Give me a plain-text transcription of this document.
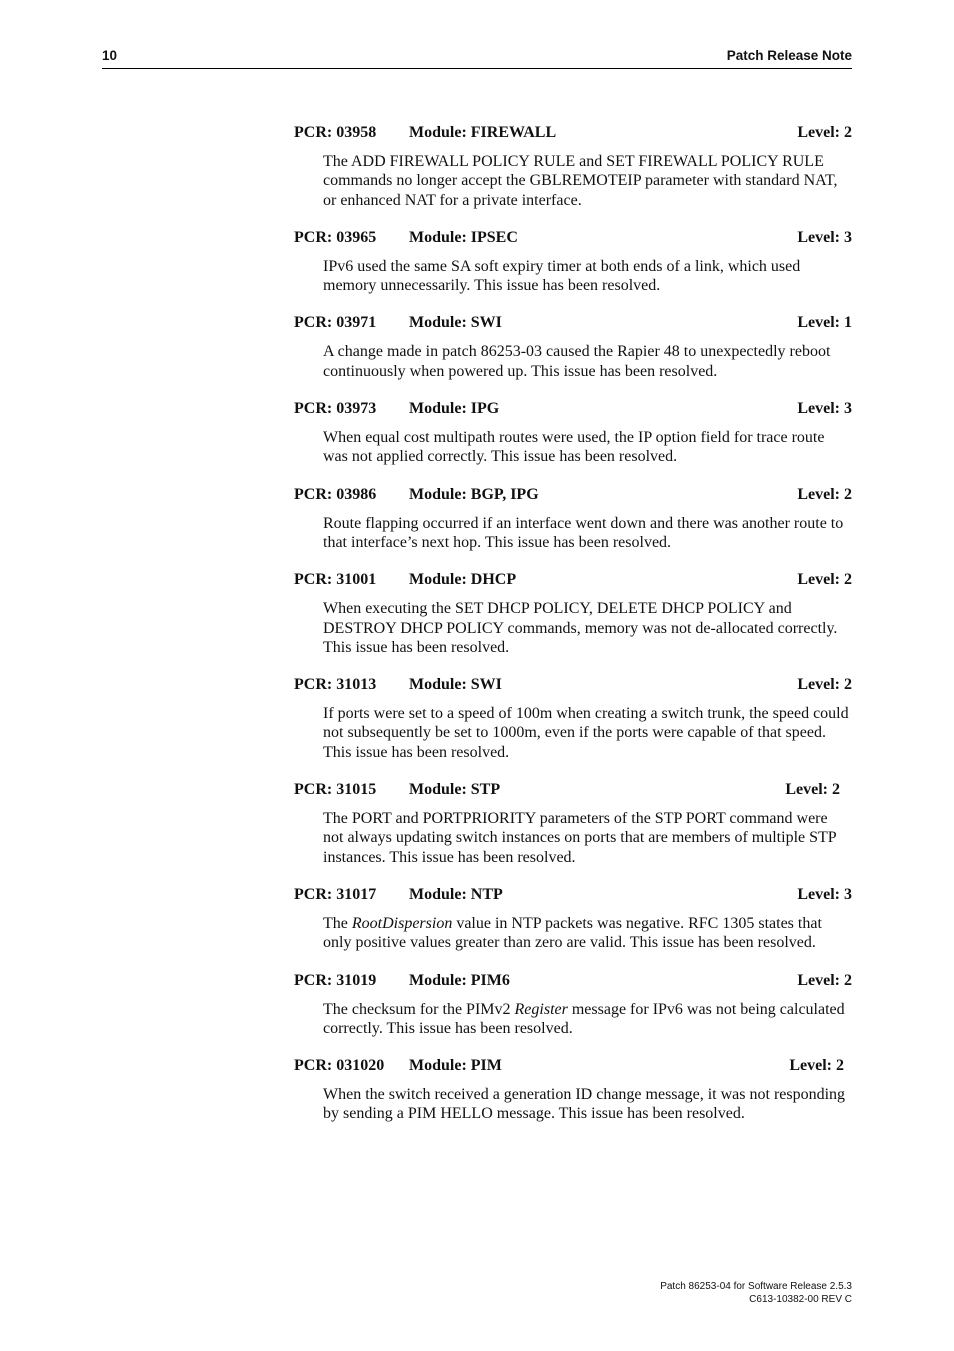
10	Patch Release Note
PCR: 03958 Module: FIREWALL	Level: 2
The ADD FIREWALL POLICY RULE and SET FIREWALL POLICY RULE commands no longer accept the GBLREMOTEIP parameter with standard NAT, or enhanced NAT for a private interface.
PCR: 03965 Module: IPSEC	Level: 3
IPv6 used the same SA soft expiry timer at both ends of a link, which used memory unnecessarily. This issue has been resolved.
PCR: 03971 Module: SWI	Level: 1
A change made in patch 86253-03 caused the Rapier 48 to unexpectedly reboot continuously when powered up. This issue has been resolved.
PCR: 03973 Module: IPG	Level: 3
When equal cost multipath routes were used, the IP option field for trace route was not applied correctly. This issue has been resolved.
PCR: 03986 Module: BGP, IPG	Level: 2
Route flapping occurred if an interface went down and there was another route to that interface’s next hop. This issue has been resolved.
PCR: 31001 Module: DHCP	Level: 2
When executing the SET DHCP POLICY, DELETE DHCP POLICY and DESTROY DHCP POLICY commands, memory was not de-allocated correctly. This issue has been resolved.
PCR: 31013 Module: SWI	Level: 2
If ports were set to a speed of 100m when creating a switch trunk, the speed could not subsequently be set to 1000m, even if the ports were capable of that speed. This issue has been resolved.
PCR: 31015 Module: STP	Level: 2
The PORT and PORTPRIORITY parameters of the STP PORT command were not always updating switch instances on ports that are members of multiple STP instances. This issue has been resolved.
PCR: 31017 Module: NTP	Level: 3
The RootDispersion value in NTP packets was negative. RFC 1305 states that only positive values greater than zero are valid. This issue has been resolved.
PCR: 31019 Module: PIM6	Level: 2
The checksum for the PIMv2 Register message for IPv6 was not being calculated correctly. This issue has been resolved.
PCR: 031020 Module: PIM	Level: 2
When the switch received a generation ID change message, it was not responding by sending a PIM HELLO message. This issue has been resolved.
Patch 86253-04 for Software Release 2.5.3
C613-10382-00 REV C
